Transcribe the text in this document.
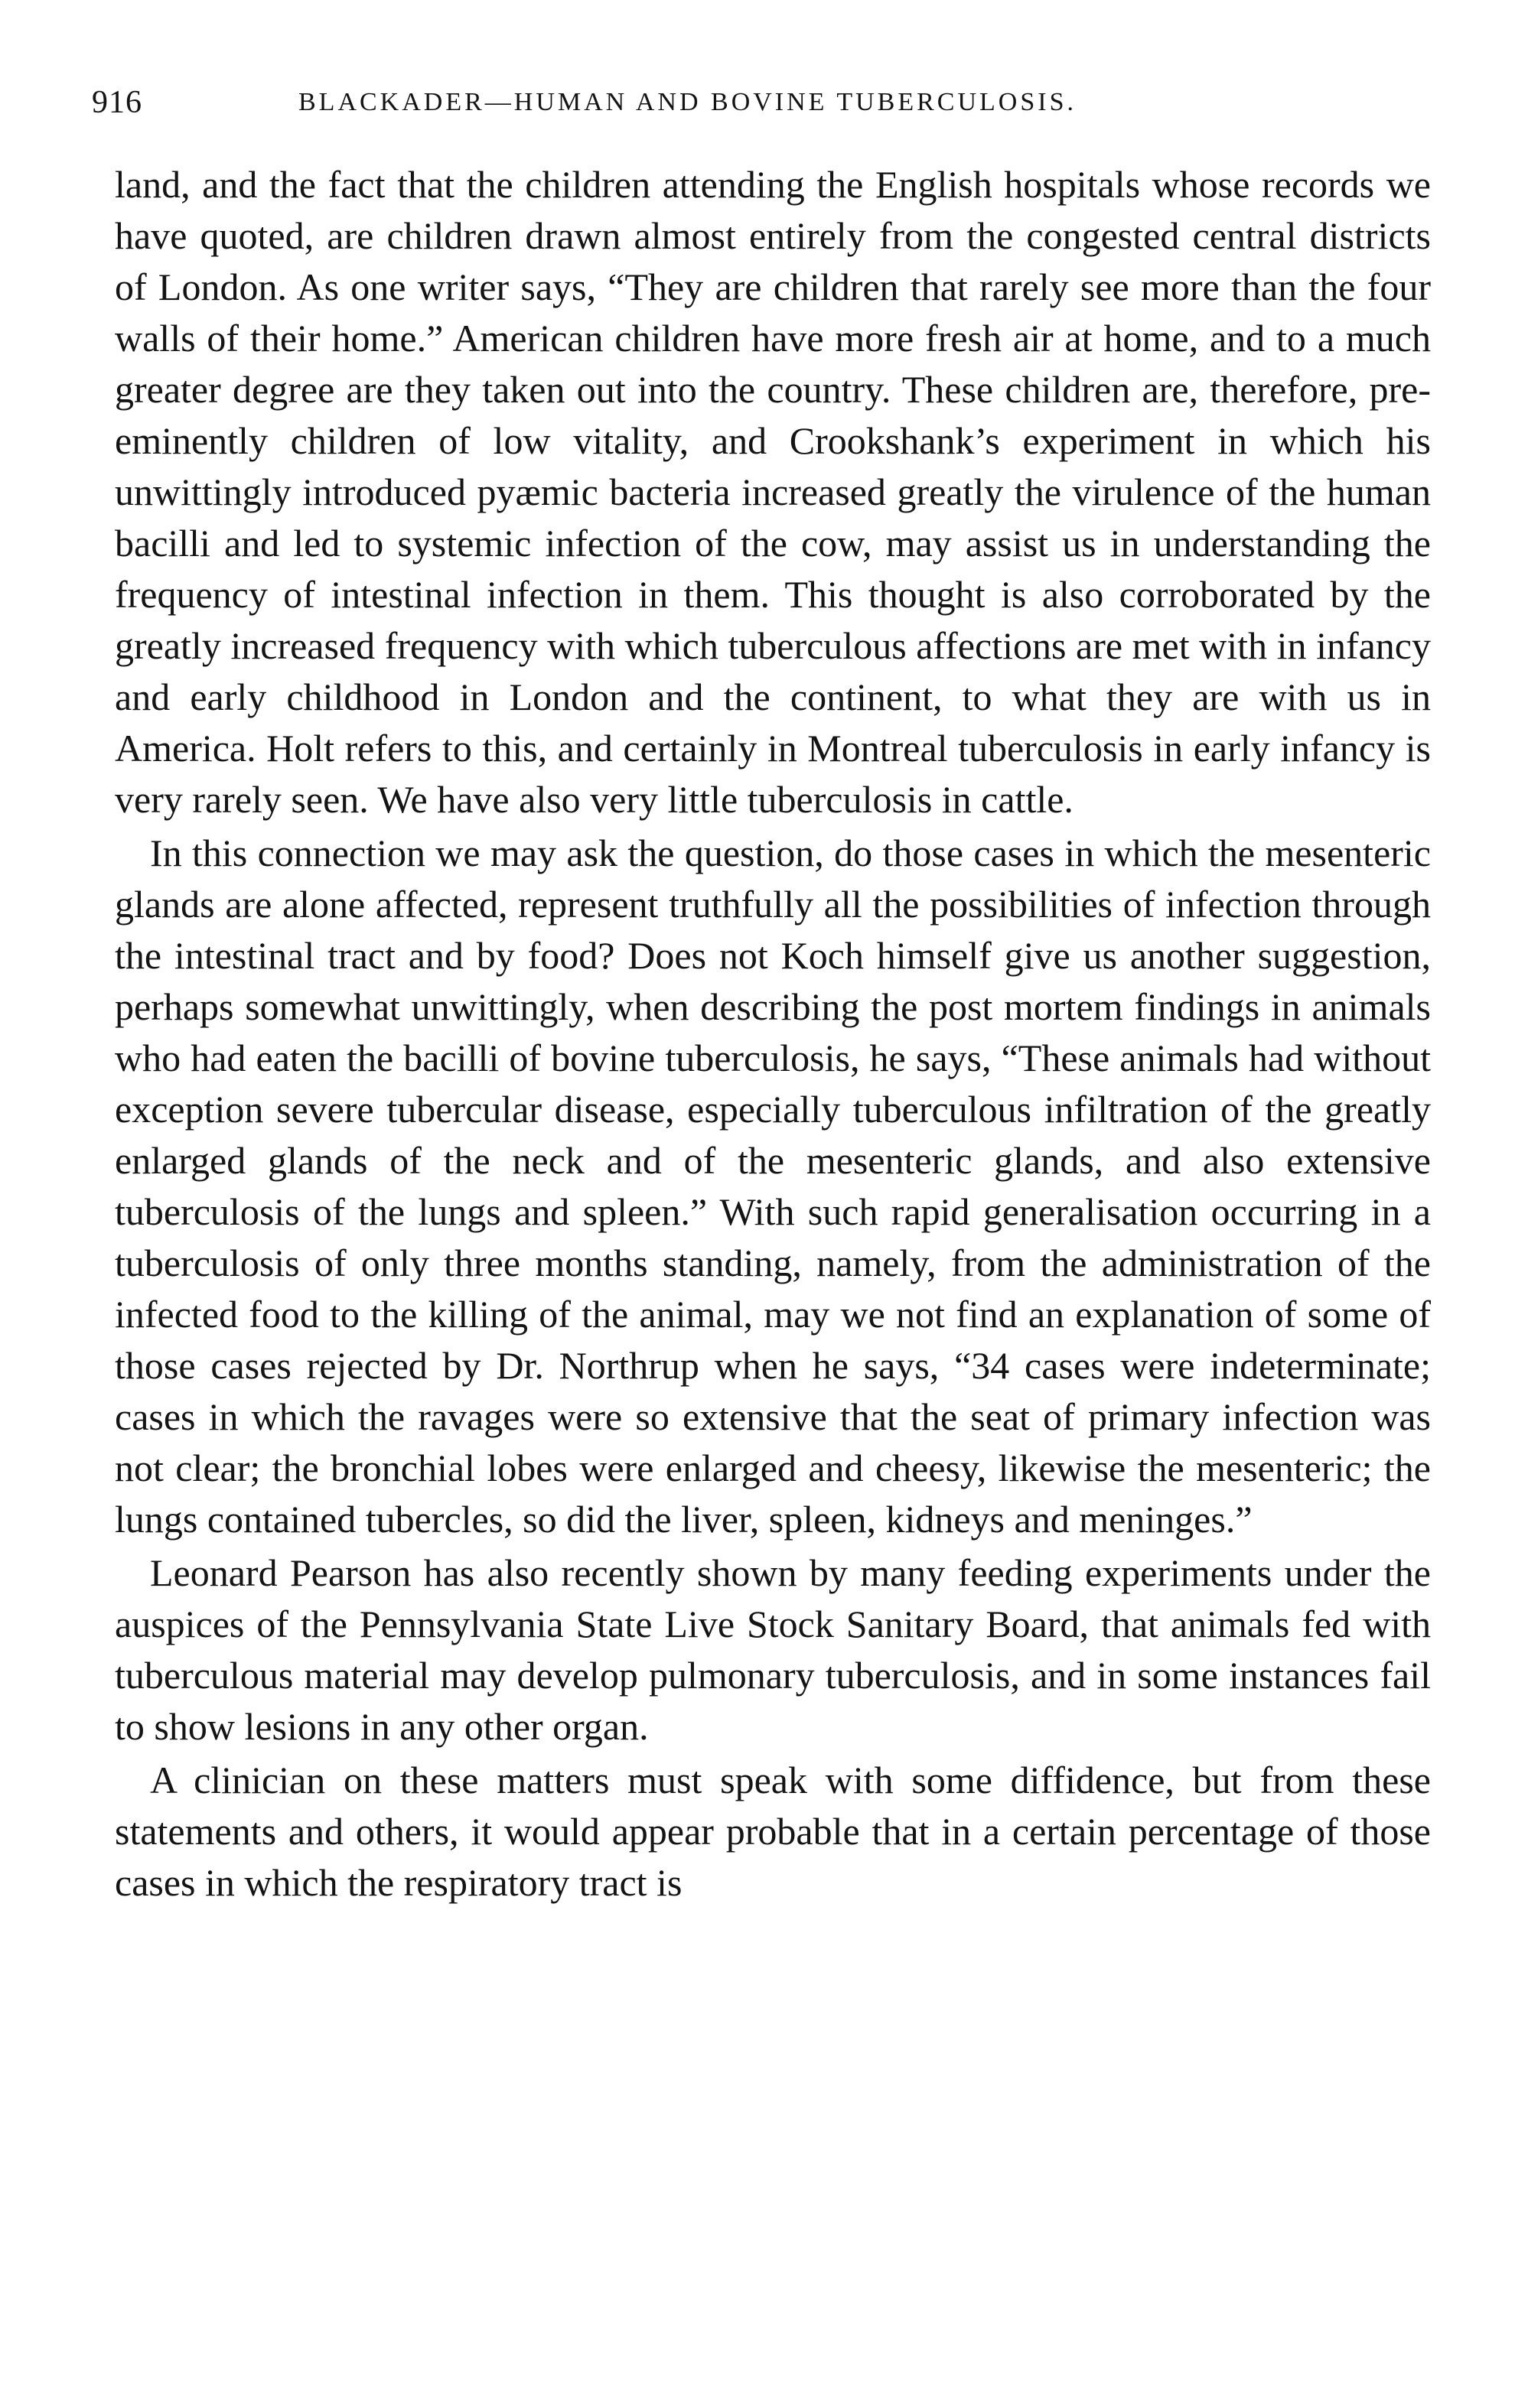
916	BLACKADER—HUMAN AND BOVINE TUBERCULOSIS.

land, and the fact that the children attending the English hospitals whose records we have quoted, are children drawn almost entirely from the congested central districts of London. As one writer says, “They are children that rarely see more than the four walls of their home.” American children have more fresh air at home, and to a much greater degree are they taken out into the country. These children are, therefore, pre-eminently children of low vitality, and Crookshank’s experiment in which his unwittingly introduced pyæmic bacteria increased greatly the virulence of the human bacilli and led to systemic infection of the cow, may assist us in understanding the frequency of intestinal infection in them. This thought is also corroborated by the greatly increased frequency with which tuberculous affections are met with in infancy and early childhood in London and the continent, to what they are with us in America. Holt refers to this, and certainly in Montreal tuberculosis in early infancy is very rarely seen. We have also very little tuberculosis in cattle.

In this connection we may ask the question, do those cases in which the mesenteric glands are alone affected, represent truthfully all the possibilities of infection through the intestinal tract and by food? Does not Koch himself give us another suggestion, perhaps somewhat unwittingly, when describing the post mortem findings in animals who had eaten the bacilli of bovine tuberculosis, he says, “These animals had without exception severe tubercular disease, especially tuberculous infiltration of the greatly enlarged glands of the neck and of the mesenteric glands, and also extensive tuberculosis of the lungs and spleen.” With such rapid generalisation occurring in a tuberculosis of only three months standing, namely, from the administration of the infected food to the killing of the animal, may we not find an explanation of some of those cases rejected by Dr. Northrup when he says, “34 cases were indeterminate; cases in which the ravages were so extensive that the seat of primary infection was not clear; the bronchial lobes were enlarged and cheesy, likewise the mesenteric; the lungs contained tubercles, so did the liver, spleen, kidneys and meninges.”

Leonard Pearson has also recently shown by many feeding experiments under the auspices of the Pennsylvania State Live Stock Sanitary Board, that animals fed with tuberculous material may develop pulmonary tuberculosis, and in some instances fail to show lesions in any other organ.

A clinician on these matters must speak with some diffidence, but from these statements and others, it would appear probable that in a certain percentage of those cases in which the respiratory tract is
